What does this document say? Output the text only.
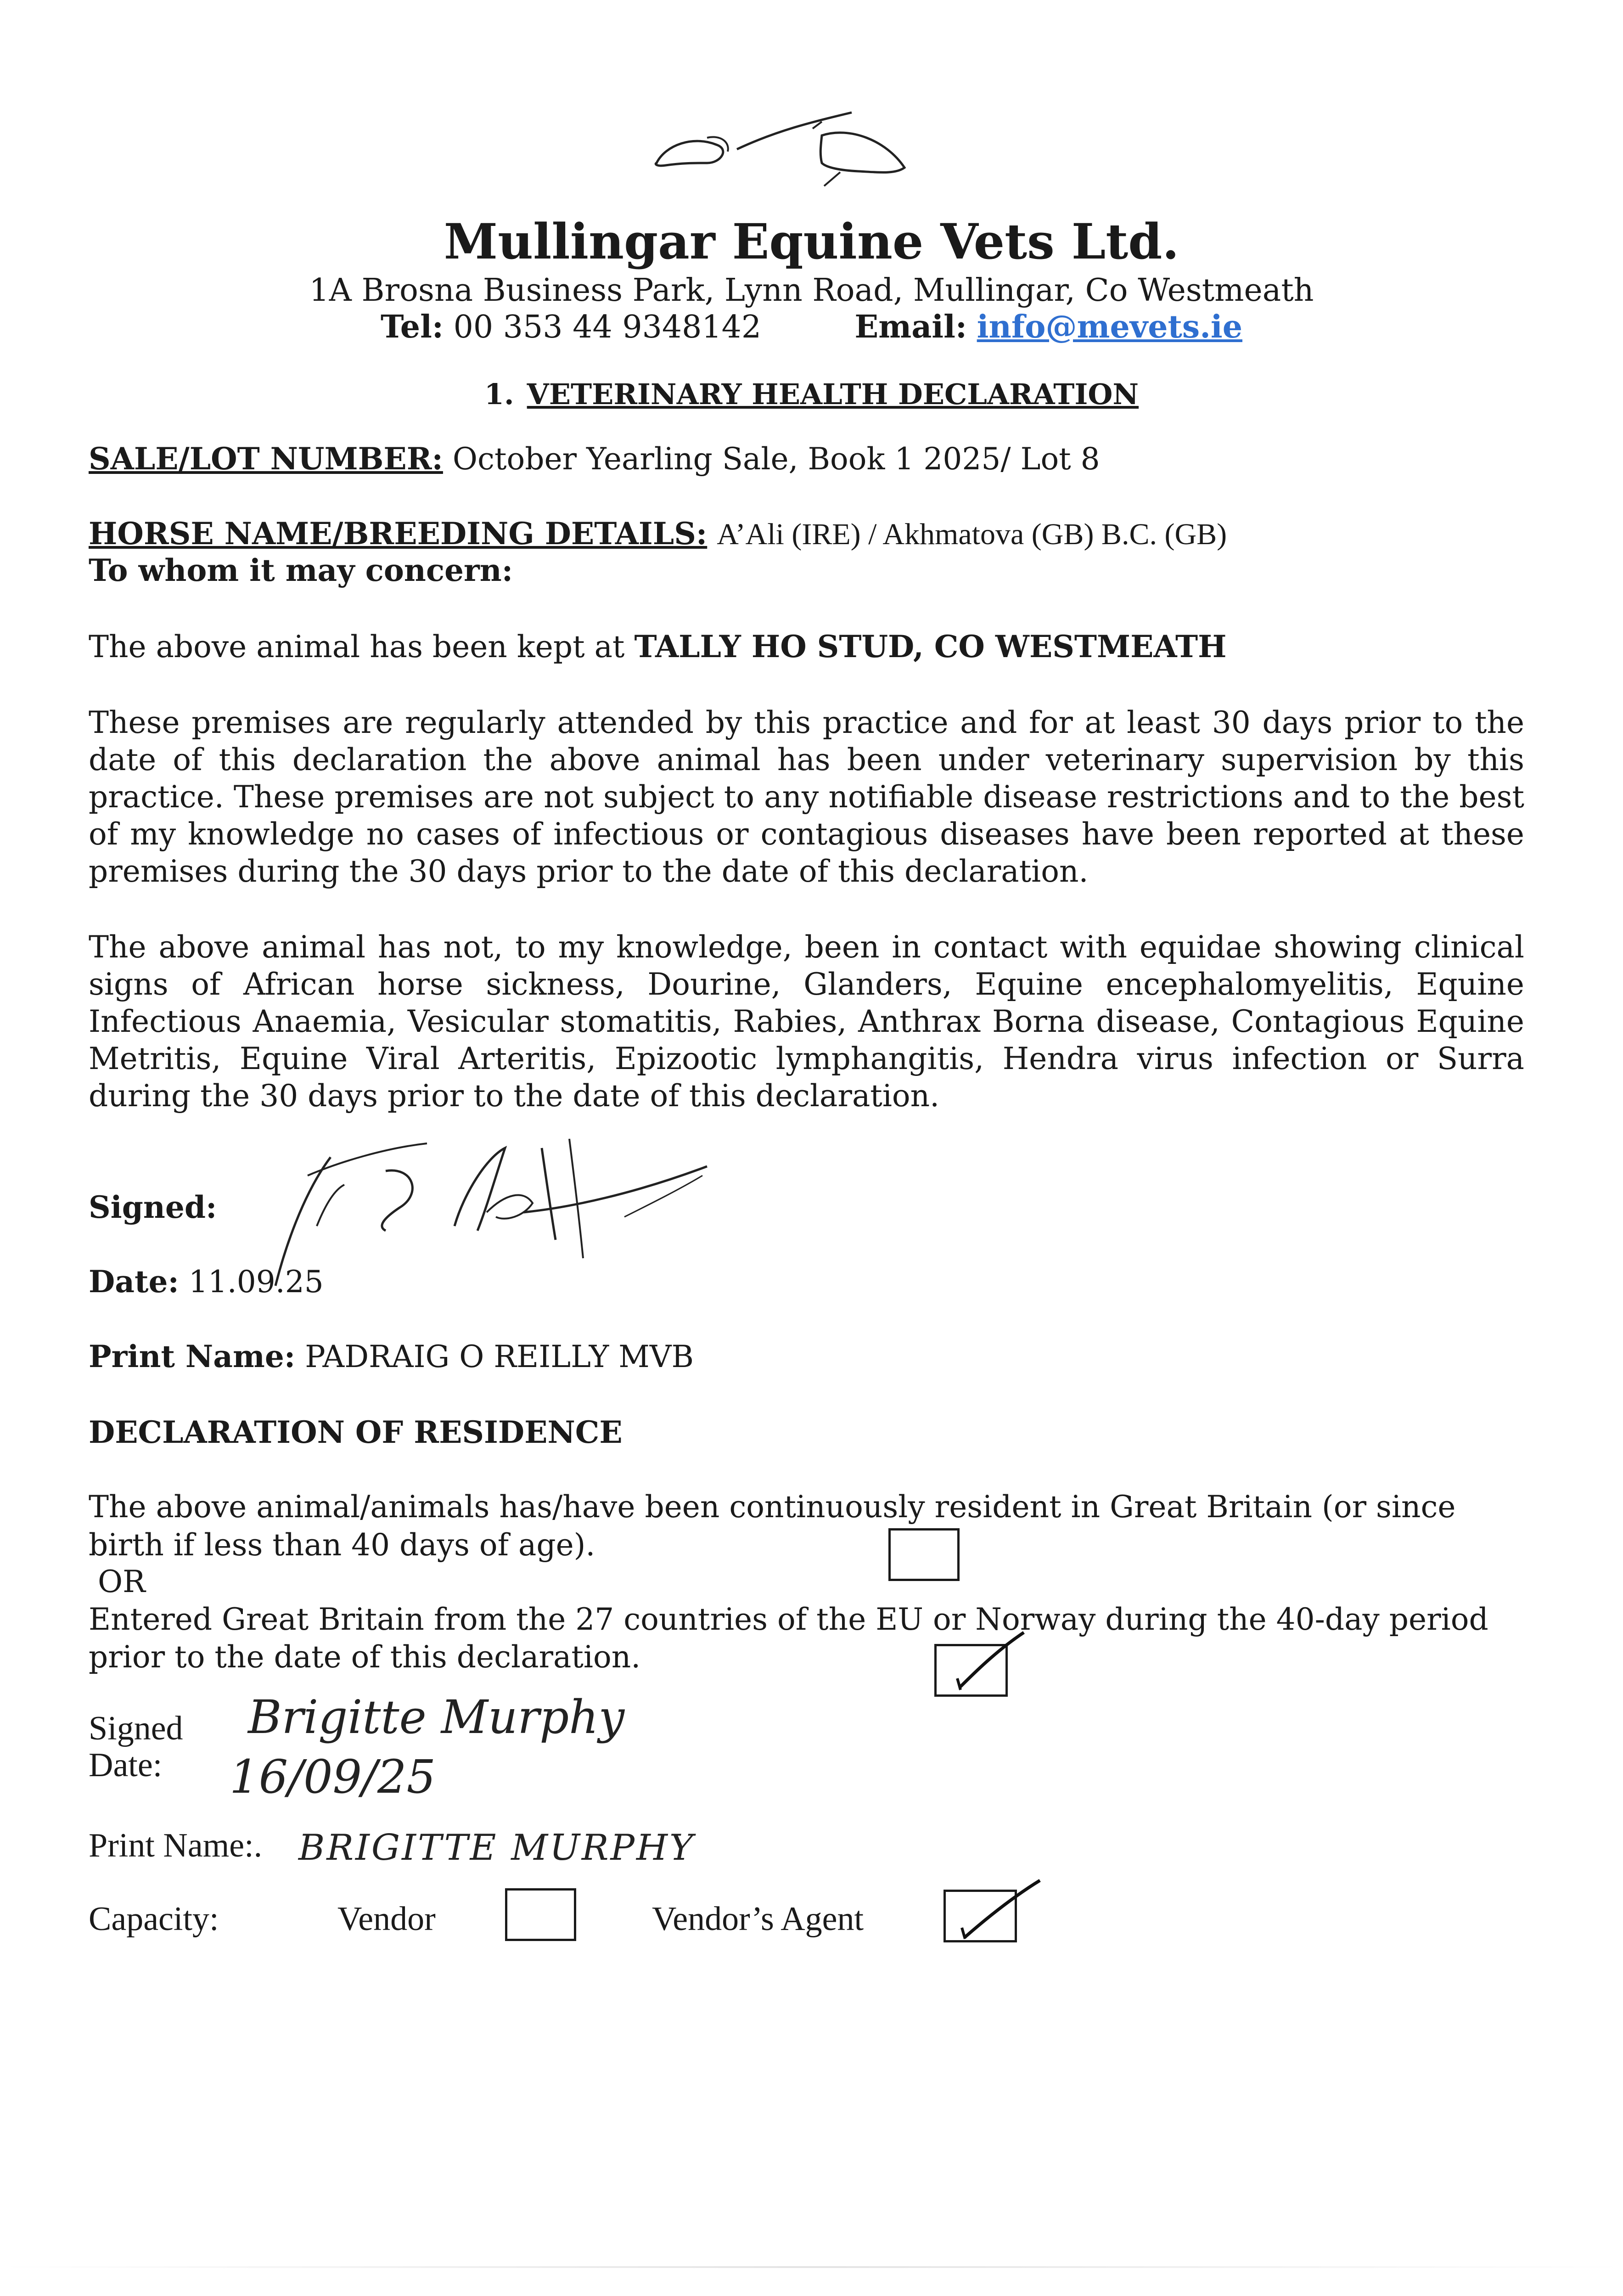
Mullingar Equine Vets Ltd.
1A Brosna Business Park, Lynn Road, Mullingar, Co Westmeath
Tel: 00 353 44 9348142	Email: info@mevets.ie
1. VETERINARY HEALTH DECLARATION
SALE/LOT NUMBER: October Yearling Sale, Book 1 2025/ Lot 8
HORSE NAME/BREEDING DETAILS: A’Ali (IRE) / Akhmatova (GB) B.C. (GB)
To whom it may concern:
The above animal has been kept at TALLY HO STUD, CO WESTMEATH
These premises are regularly attended by this practice and for at least 30 days prior to the date of this declaration the above animal has been under veterinary supervision by this practice. These premises are not subject to any notifiable disease restrictions and to the best of my knowledge no cases of infectious or contagious diseases have been reported at these premises during the 30 days prior to the date of this declaration.
The above animal has not, to my knowledge, been in contact with equidae showing clinical signs of African horse sickness, Dourine, Glanders, Equine encephalomyelitis, Equine Infectious Anaemia, Vesicular stomatitis, Rabies, Anthrax Borna disease, Contagious Equine Metritis, Equine Viral Arteritis, Epizootic lymphangitis, Hendra virus infection or Surra during the 30 days prior to the date of this declaration.
Signed:
Date: 11.09.25
Print Name: PADRAIG O REILLY MVB
DECLARATION OF RESIDENCE
The above animal/animals has/have been continuously resident in Great Britain (or since
birth if less than 40 days of age).
OR
Entered Great Britain from the 27 countries of the EU or Norway during the 40-day period
prior to the date of this declaration.
Signed
Date:
Brigitte Murphy
16/09/25
Print Name:. BRIGITTE MURPHY
Capacity:	Vendor	Vendor’s Agent
